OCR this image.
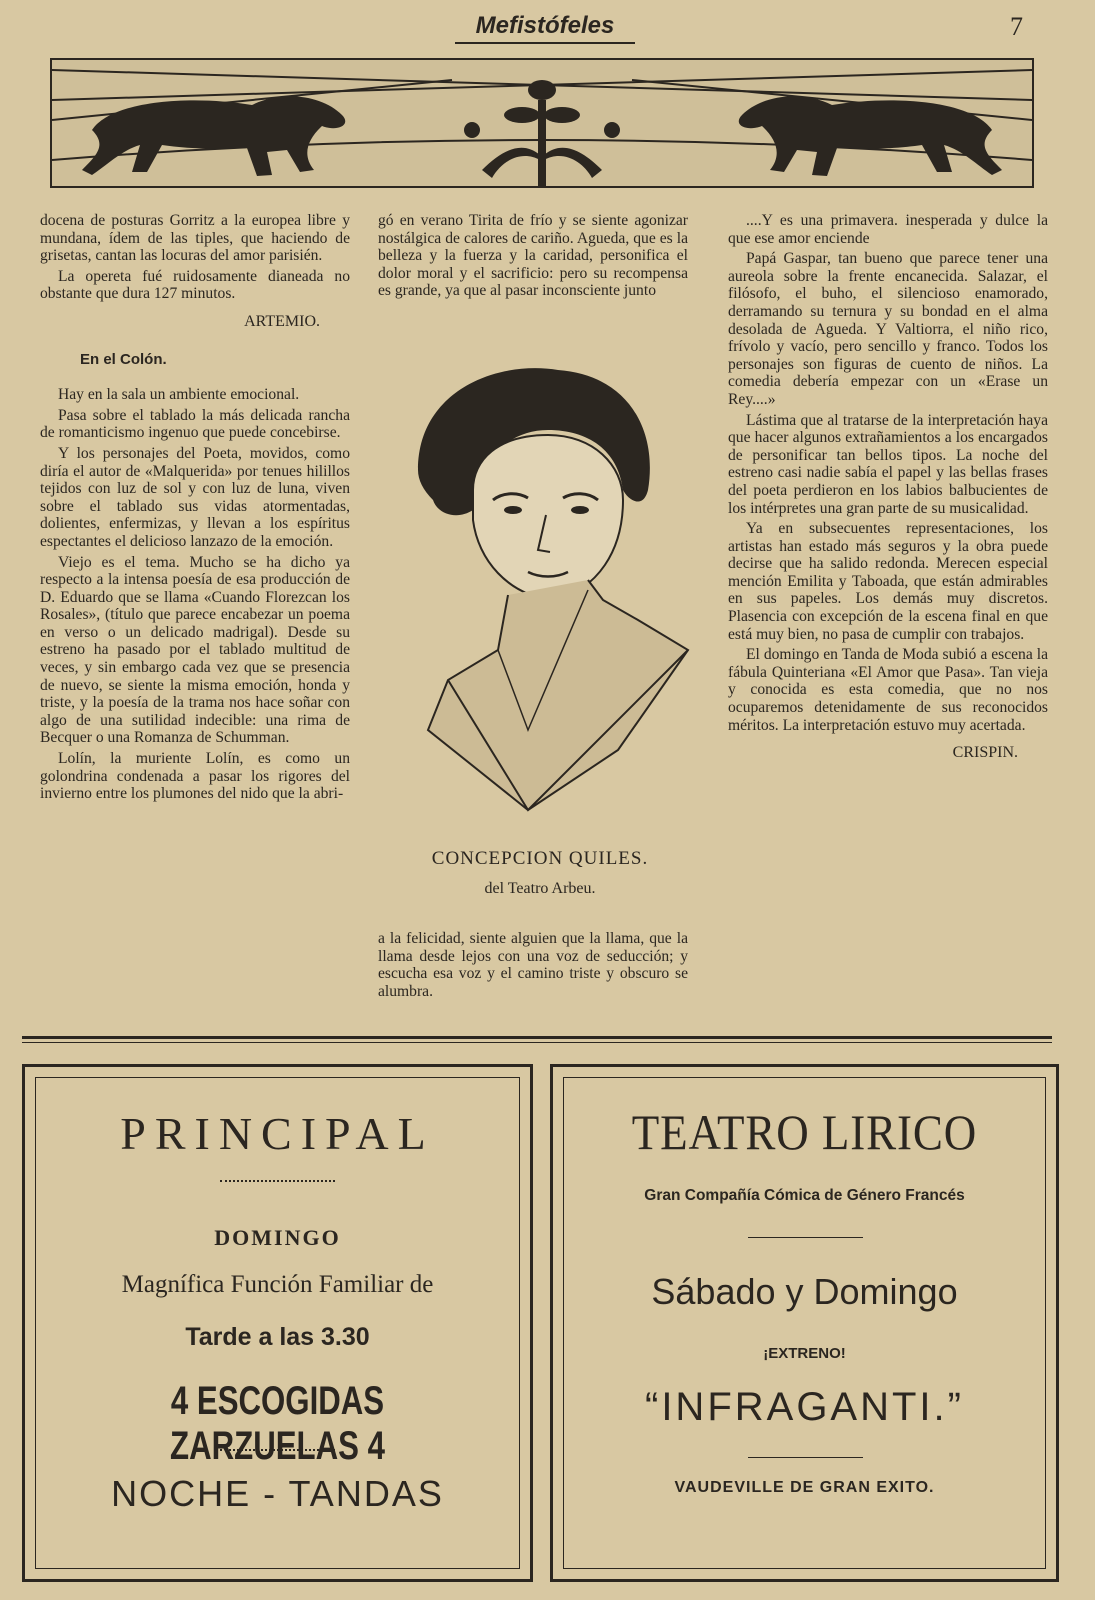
Mefistófeles	7

docena de posturas Gorritz a la europea libre y mundana, ídem de las tiples, que haciendo de grisetas, cantan las locuras del amor parisién.

La opereta fué ruidosamente dianeada no obstante que dura 127 minutos.

ARTEMIO.
En el Colón.

Hay en la sala un ambiente emocional.

Pasa sobre el tablado la más delicada rancha de romanticismo ingenuo que puede concebirse.

Y los personajes del Poeta, movidos, como diría el autor de «Malquerida» por tenues hilillos tejidos con luz de sol y con luz de luna, viven sobre el tablado sus vidas atormentadas, dolientes, enfermizas, y llevan a los espíritus espectantes el delicioso lanzazo de la emoción.

Viejo es el tema. Mucho se ha dicho ya respecto a la intensa poesía de esa producción de D. Eduardo que se llama «Cuando Florezcan los Rosales», (título que parece encabezar un poema en verso o un delicado madrigal). Desde su estreno ha pasado por el tablado multitud de veces, y sin embargo cada vez que se presencia de nuevo, se siente la misma emoción, honda y triste, y la poesía de la trama nos hace soñar con algo de una sutilidad indecible: una rima de Becquer o una Romanza de Schumman.

Lolín, la muriente Lolín, es como un golondrina condenada a pasar los rigores del invierno entre los plumones del nido que la abri-

gó en verano Tirita de frío y se siente agonizar nostálgica de calores de cariño. Agueda, que es la belleza y la fuerza y la caridad, personifica el dolor moral y el sacrificio: pero su recompensa es grande, ya que al pasar inconsciente junto

CONCEPCION QUILES.
del Teatro Arbeu.

a la felicidad, siente alguien que la llama, que la llama desde lejos con una voz de seducción; y escucha esa voz y el camino triste y obscuro se alumbra.

....Y es una primavera. inesperada y dulce la que ese amor enciende

Papá Gaspar, tan bueno que parece tener una aureola sobre la frente encanecida. Salazar, el filósofo, el buho, el silencioso enamorado, derramando su ternura y su bondad en el alma desolada de Agueda. Y Valtiorra, el niño rico, frívolo y vacío, pero sencillo y franco. Todos los personajes son figuras de cuento de niños. La comedia debería empezar con un «Erase un Rey....»

Lástima que al tratarse de la interpretación haya que hacer algunos extrañamientos a los encargados de personificar tan bellos tipos. La noche del estreno casi nadie sabía el papel y las bellas frases del poeta perdieron en los labios balbucientes de los intérpretes una gran parte de su musicalidad.

Ya en subsecuentes representaciones, los artistas han estado más seguros y la obra puede decirse que ha salido redonda. Merecen especial mención Emilita y Taboada, que están admirables en sus papeles. Los demás muy discretos. Plasencia con excepción de la escena final en que está muy bien, no pasa de cumplir con trabajos.

El domingo en Tanda de Moda subió a escena la fábula Quinteriana «El Amor que Pasa». Tan vieja y conocida es esta comedia, que no nos ocuparemos detenidamente de sus reconocidos méritos. La interpretación estuvo muy acertada.

CRISPIN.
PRINCIPAL
DOMINGO
Magnífica Función Familiar de
Tarde a las 3.30
4 ESCOGIDAS ZARZUELAS 4
NOCHE - TANDAS
TEATRO LIRICO
Gran Compañía Cómica de Género Francés
Sábado y Domingo
¡EXTRENO!
“INFRAGANTI.”
VAUDEVILLE DE GRAN EXITO.
